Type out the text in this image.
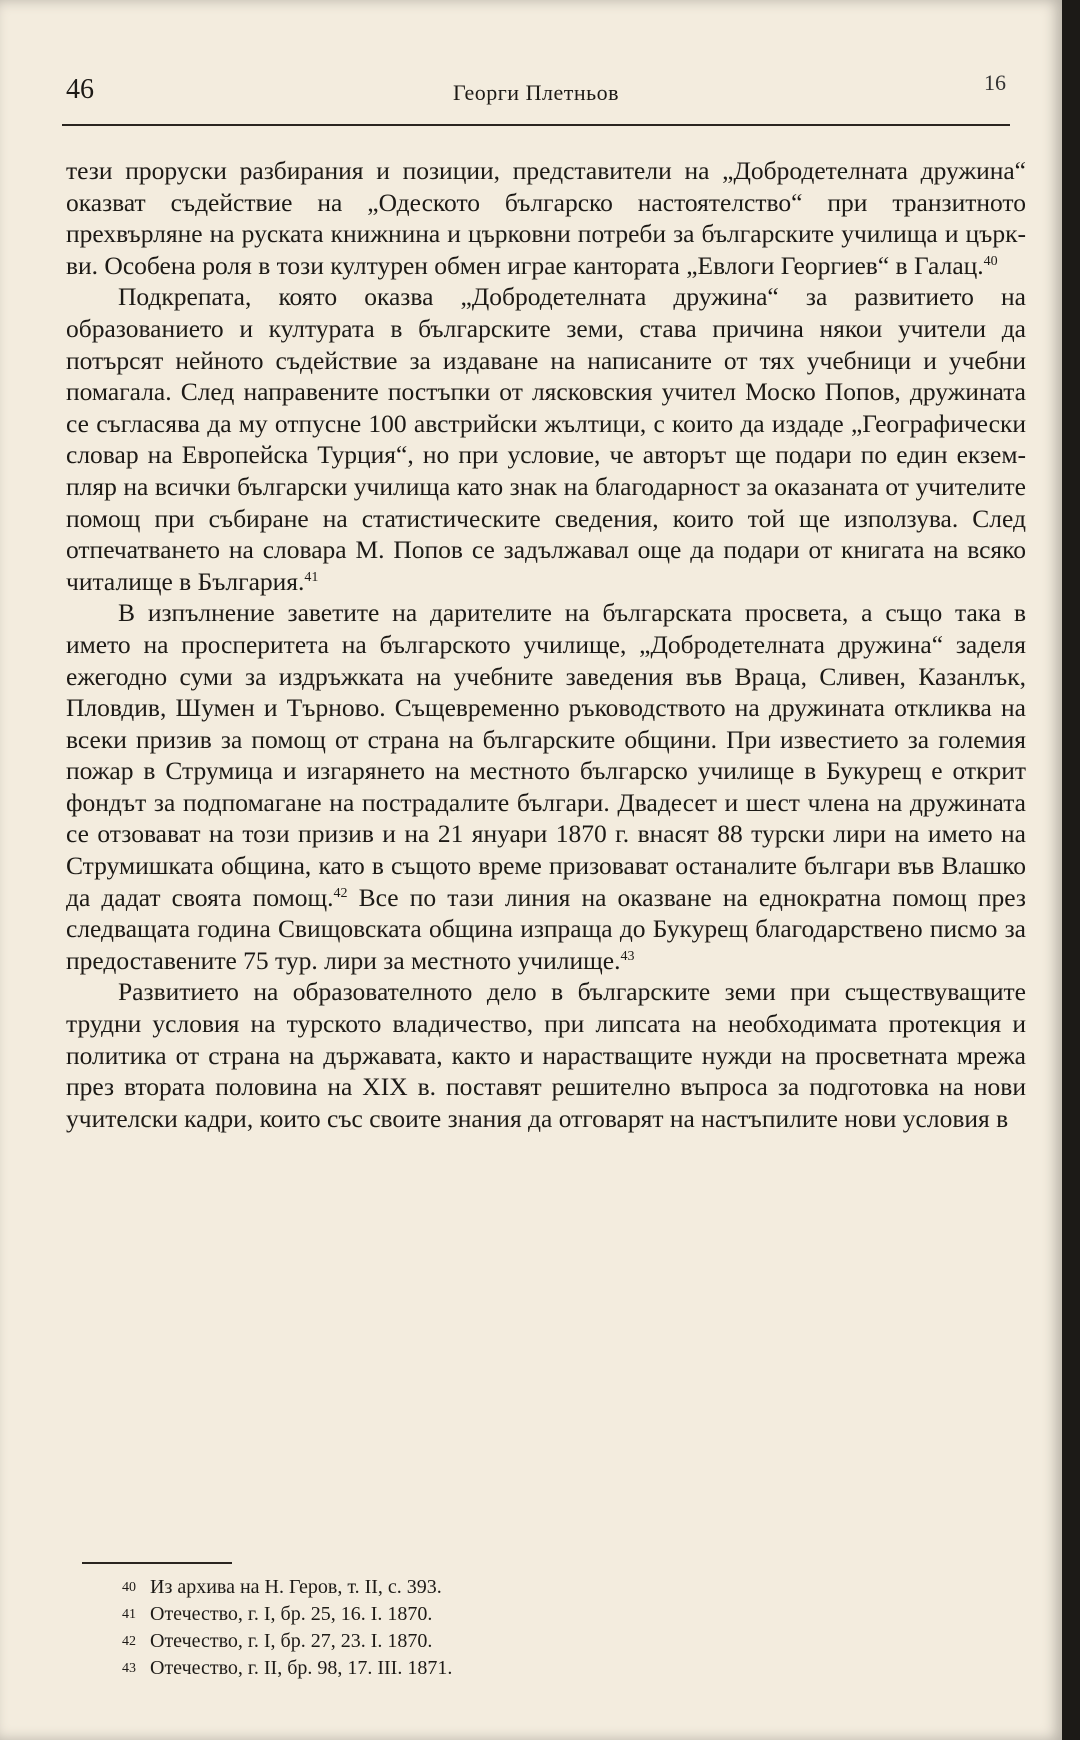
46	Георги Плетньов	16

тези проруски разбирания и позиции, представители на „Добродетелната дружина“ оказват съдействие на „Одеското българско настоятелство“ при транзитното прехвърляне на руската книжнина и църковни потреби за българските училища и църкви. Особена роля в този културен обмен играе кантората „Евлоги Георгиев“ в Галац.$^{40}$

Подкрепата, която оказва „Добродетелната дружина“ за развитието на образованието и културата в българските земи, става причина някои учители да потърсят нейното съдействие за издаване на написаните от тях учебници и учебни помагала. След направените постъпки от лясковския учител Моско Попов, дружината се съгласява да му отпусне 100 австрийски жълтици, с които да издаде „Географически словар на Европейска Турция“, но при условие, че авторът ще подари по един екземпляр на всички български училища като знак на благодарност за оказаната от учителите помощ при събиране на статистическите сведения, които той ще използува. След отпечатването на словара М. Попов се задължавал още да подари от книгата на всяко читалище в България.$^{41}$

В изпълнение заветите на дарителите на българската просвета, а също така в името на просперитета на българското училище, „Добродетелната дружина“ заделя ежегодно суми за издръжката на учебните заведения във Враца, Сливен, Казанлък, Пловдив, Шумен и Търново. Същевременно ръководството на дружината откликва на всеки призив за помощ от страна на българските общини. При известието за големия пожар в Струмица и изгарянето на местното българско училище в Букурещ е открит фондът за подпомагане на пострадалите българи. Двадесет и шест члена на дружината се отзовават на този призив и на 21 януари 1870 г. внасят 88 турски лири на името на Струмишката община, като в същото време призовават останалите българи във Влашко да дадат своята помощ.$^{42}$ Все по тази линия на оказване на еднократна помощ през следващата година Свищовската община изпраща до Букурещ благодарствено писмо за предоставените 75 тур. лири за местното училище.$^{43}$

Развитието на образователното дело в българските земи при съществуващите трудни условия на турското владичество, при липсата на необходимата протекция и политика от страна на държавата, както и нарастващите нужди на просветната мрежа през втората половина на XIX в. поставят решително въпроса за подготовка на нови учителски кадри, които със своите знания да отговарят на настъпилите нови условия в

40 Из архива на Н. Геров, т. II, с. 393.
41 Отечество, г. I, бр. 25, 16. I. 1870.
42 Отечество, г. I, бр. 27, 23. I. 1870.
43 Отечество, г. II, бр. 98, 17. III. 1871.
